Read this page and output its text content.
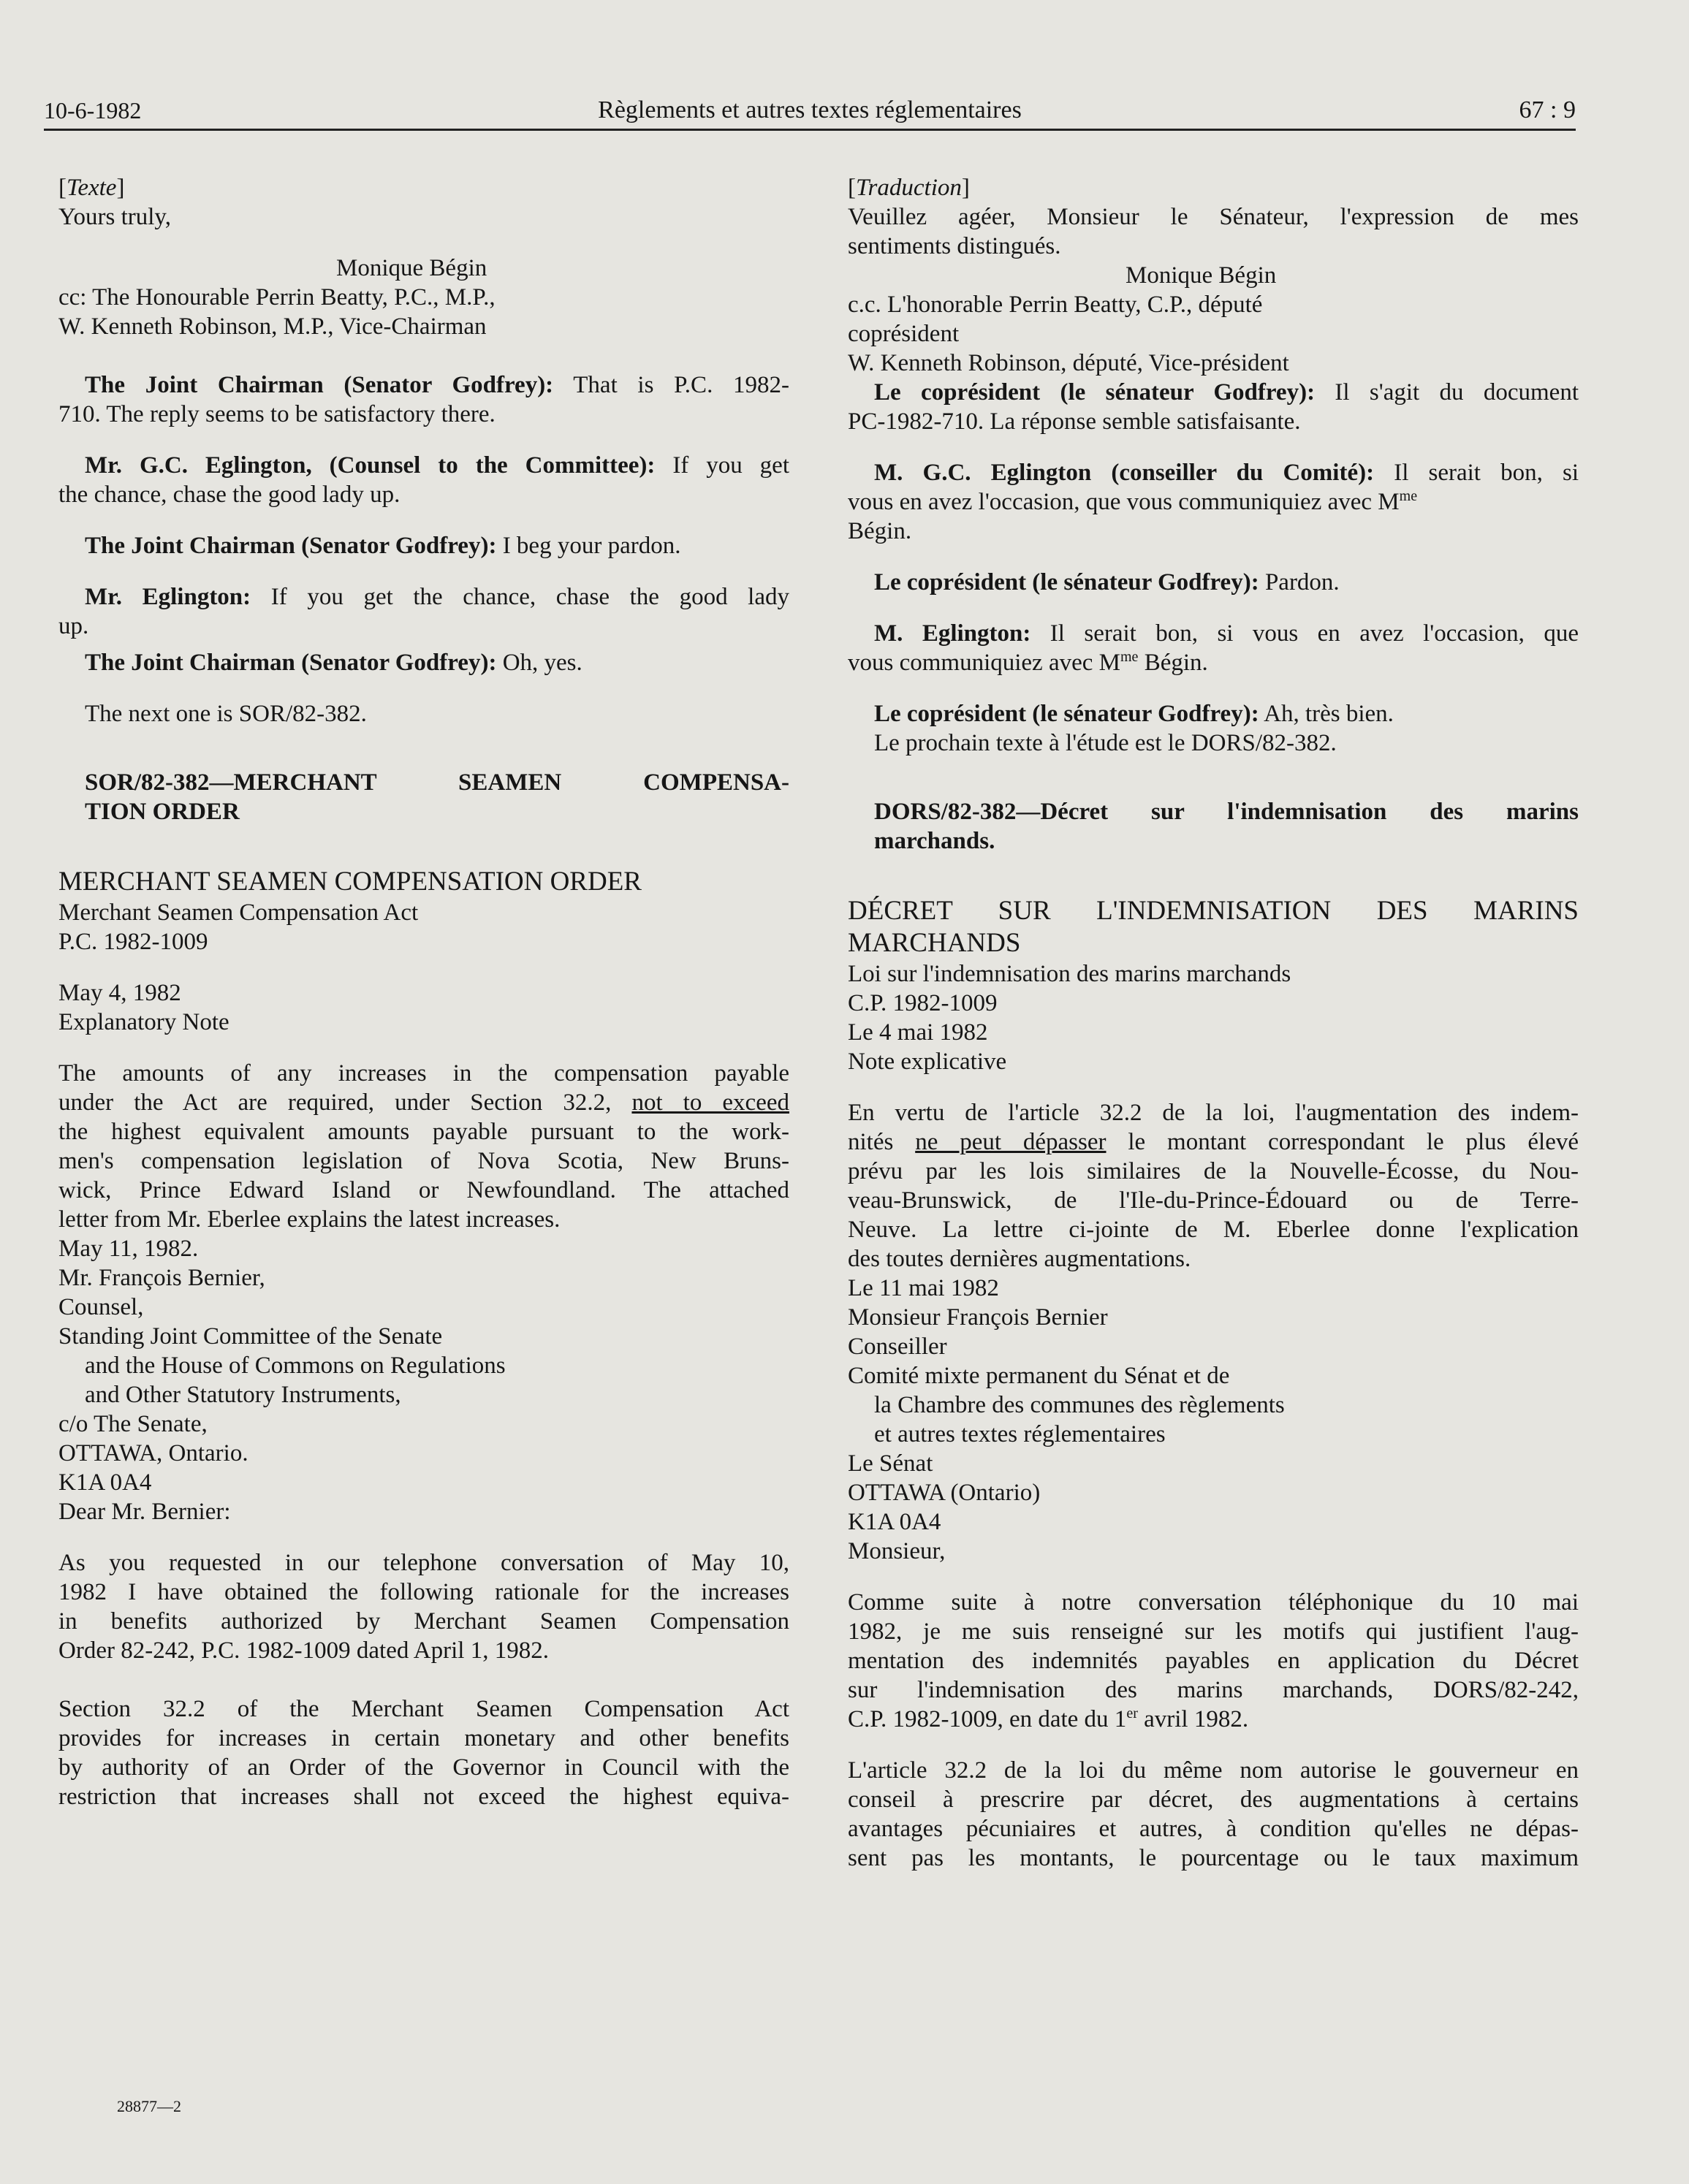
10-6-1982	Règlements et autres textes réglementaires	67 : 9

[Texte]

Yours truly,

Monique Bégin

cc: The Honourable Perrin Beatty, P.C., M.P.,

W. Kenneth Robinson, M.P., Vice-Chairman

The Joint Chairman (Senator Godfrey): That is P.C. 1982-

710. The reply seems to be satisfactory there.

Mr. G.C. Eglington, (Counsel to the Committee): If you get

the chance, chase the good lady up.

The Joint Chairman (Senator Godfrey): I beg your pardon.

Mr. Eglington: If you get the chance, chase the good lady

up.

The Joint Chairman (Senator Godfrey): Oh, yes.

The next one is SOR/82-382.

SOR/82-382—MERCHANT SEAMEN COMPENSA-

TION ORDER

MERCHANT SEAMEN COMPENSATION ORDER

Merchant Seamen Compensation Act

P.C. 1982-1009

May 4, 1982

Explanatory Note

The amounts of any increases in the compensation payable

under the Act are required, under Section 32.2, not to exceed

the highest equivalent amounts payable pursuant to the work-

men's compensation legislation of Nova Scotia, New Bruns-

wick, Prince Edward Island or Newfoundland. The attached

letter from Mr. Eberlee explains the latest increases.

May 11, 1982.

Mr. François Bernier,

Counsel,

Standing Joint Committee of the Senate

and the House of Commons on Regulations

and Other Statutory Instruments,

c/o The Senate,

OTTAWA, Ontario.

K1A 0A4

Dear Mr. Bernier:

As you requested in our telephone conversation of May 10,

1982 I have obtained the following rationale for the increases

in benefits authorized by Merchant Seamen Compensation

Order 82-242, P.C. 1982-1009 dated April 1, 1982.

Section 32.2 of the Merchant Seamen Compensation Act

provides for increases in certain monetary and other benefits

by authority of an Order of the Governor in Council with the

restriction that increases shall not exceed the highest equiva-

[Traduction]

Veuillez agéer, Monsieur le Sénateur, l'expression de mes

sentiments distingués.

Monique Bégin

c.c. L'honorable Perrin Beatty, C.P., député

coprésident

W. Kenneth Robinson, député, Vice-président

Le coprésident (le sénateur Godfrey): Il s'agit du document

PC-1982-710. La réponse semble satisfaisante.

M. G.C. Eglington (conseiller du Comité): Il serait bon, si

vous en avez l'occasion, que vous communiquiez avec $M^{me}$

Bégin.

Le coprésident (le sénateur Godfrey): Pardon.

M. Eglington: Il serait bon, si vous en avez l'occasion, que

vous communiquiez avec $M^{me}$ Bégin.

Le coprésident (le sénateur Godfrey): Ah, très bien.

Le prochain texte à l'étude est le DORS/82-382.

DORS/82-382—Décret sur l'indemnisation des marins

marchands.

DÉCRET SUR L'INDEMNISATION DES MARINS

MARCHANDS

Loi sur l'indemnisation des marins marchands

C.P. 1982-1009

Le 4 mai 1982

Note explicative

En vertu de l'article 32.2 de la loi, l'augmentation des indem-

nités ne peut dépasser le montant correspondant le plus élevé

prévu par les lois similaires de la Nouvelle-Écosse, du Nou-

veau-Brunswick, de l'Ile-du-Prince-Édouard ou de Terre-

Neuve. La lettre ci-jointe de M. Eberlee donne l'explication

des toutes dernières augmentations.

Le 11 mai 1982

Monsieur François Bernier

Conseiller

Comité mixte permanent du Sénat et de

la Chambre des communes des règlements

et autres textes réglementaires

Le Sénat

OTTAWA (Ontario)

K1A 0A4

Monsieur,

Comme suite à notre conversation téléphonique du 10 mai

1982, je me suis renseigné sur les motifs qui justifient l'aug-

mentation des indemnités payables en application du Décret

sur l'indemnisation des marins marchands, DORS/82-242,

C.P. 1982-1009, en date du 1er avril 1982.

L'article 32.2 de la loi du même nom autorise le gouverneur en

conseil à prescrire par décret, des augmentations à certains

avantages pécuniaires et autres, à condition qu'elles ne dépas-

sent pas les montants, le pourcentage ou le taux maximum

28877—2
